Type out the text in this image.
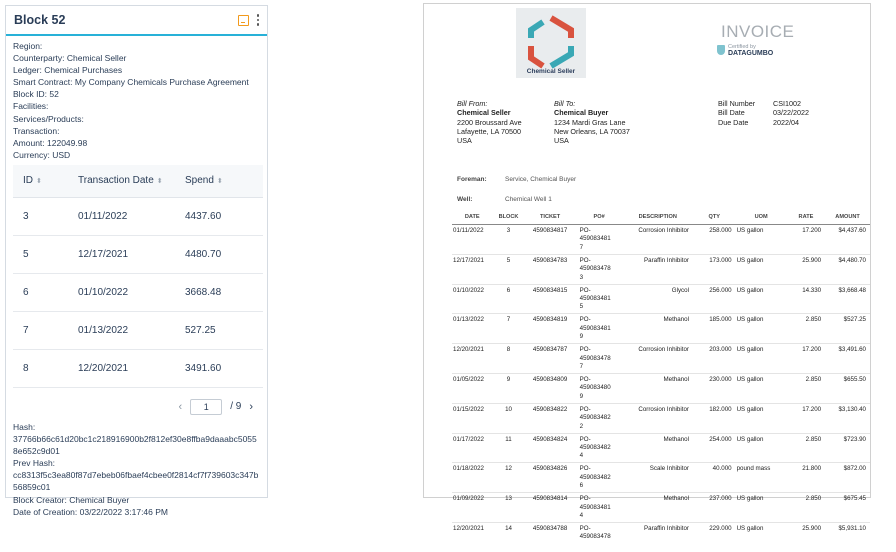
Block 52
Region:
Counterparty: Chemical Seller
Ledger: Chemical Purchases
Smart Contract: My Company Chemicals Purchase Agreement
Block ID: 52
Facilities:
Services/Products:
Transaction:
Amount: 122049.98
Currency: USD
ID ⬍	Transaction Date ⬍	Spend ⬍
3	01/11/2022	4437.60
5	12/17/2021	4480.70
6	01/10/2022	3668.48
7	01/13/2022	527.25
8	12/20/2021	3491.60
‹
1	/ 9 ›
Hash:
37766b66c61d20bc1c218916900b2f812ef30e8ffba9daaabc50558e652c9d01
Prev Hash:
cc8313f5c3ea80f87d7ebeb06fbaef4cbee0f2814cf7f739603c347b56859c01
Block Creator: Chemical Buyer
Date of Creation: 03/22/2022 3:17:46 PM
Chemical Seller
INVOICE
Certified by
DATAGUMBO
Bill From:
Chemical Seller
2200 Broussard Ave
Lafayette, LA 70500
USA
Bill To:
Chemical Buyer
1234 Mardi Gras Lane
New Orleans, LA 70037
USA
Bill Number CSI1002
Bill Date	03/22/2022
Due Date	2022/04
Foreman:	Service, Chemical Buyer
Well:	Chemical Well 1
DATE	BLOCK	TICKET	PO#	DESCRIPTION	QTY	UOM	RATE	AMOUNT
01/11/2022	3	4590834817	PO-
459083481
7	Corrosion Inhibitor	258.000	US gallon	17.200	$4,437.60
12/17/2021	5	4590834783	PO-
459083478
3	Paraffin Inhibitor	173.000	US gallon	25.900	$4,480.70
01/10/2022	6	4590834815	PO-
459083481
5	Glycol	256.000	US gallon	14.330	$3,668.48
01/13/2022	7	4590834819	PO-
459083481
9	Methanol	185.000	US gallon	2.850	$527.25
12/20/2021	8	4590834787	PO-
459083478
7	Corrosion Inhibitor	203.000	US gallon	17.200	$3,491.60
01/05/2022	9	4590834809	PO-
459083480
9	Methanol	230.000	US gallon	2.850	$655.50
01/15/2022	10	4590834822	PO-
459083482
2	Corrosion Inhibitor	182.000	US gallon	17.200	$3,130.40
01/17/2022	11	4590834824	PO-
459083482
4	Methanol	254.000	US gallon	2.850	$723.90
01/18/2022	12	4590834826	PO-
459083482
6	Scale Inhibitor	40.000	pound mass	21.800	$872.00
01/09/2022	13	4590834814	PO-
459083481
4	Methanol	237.000	US gallon	2.850	$675.45
12/20/2021	14	4590834788	PO-
459083478	Paraffin Inhibitor	229.000	US gallon	25.900	$5,931.10
